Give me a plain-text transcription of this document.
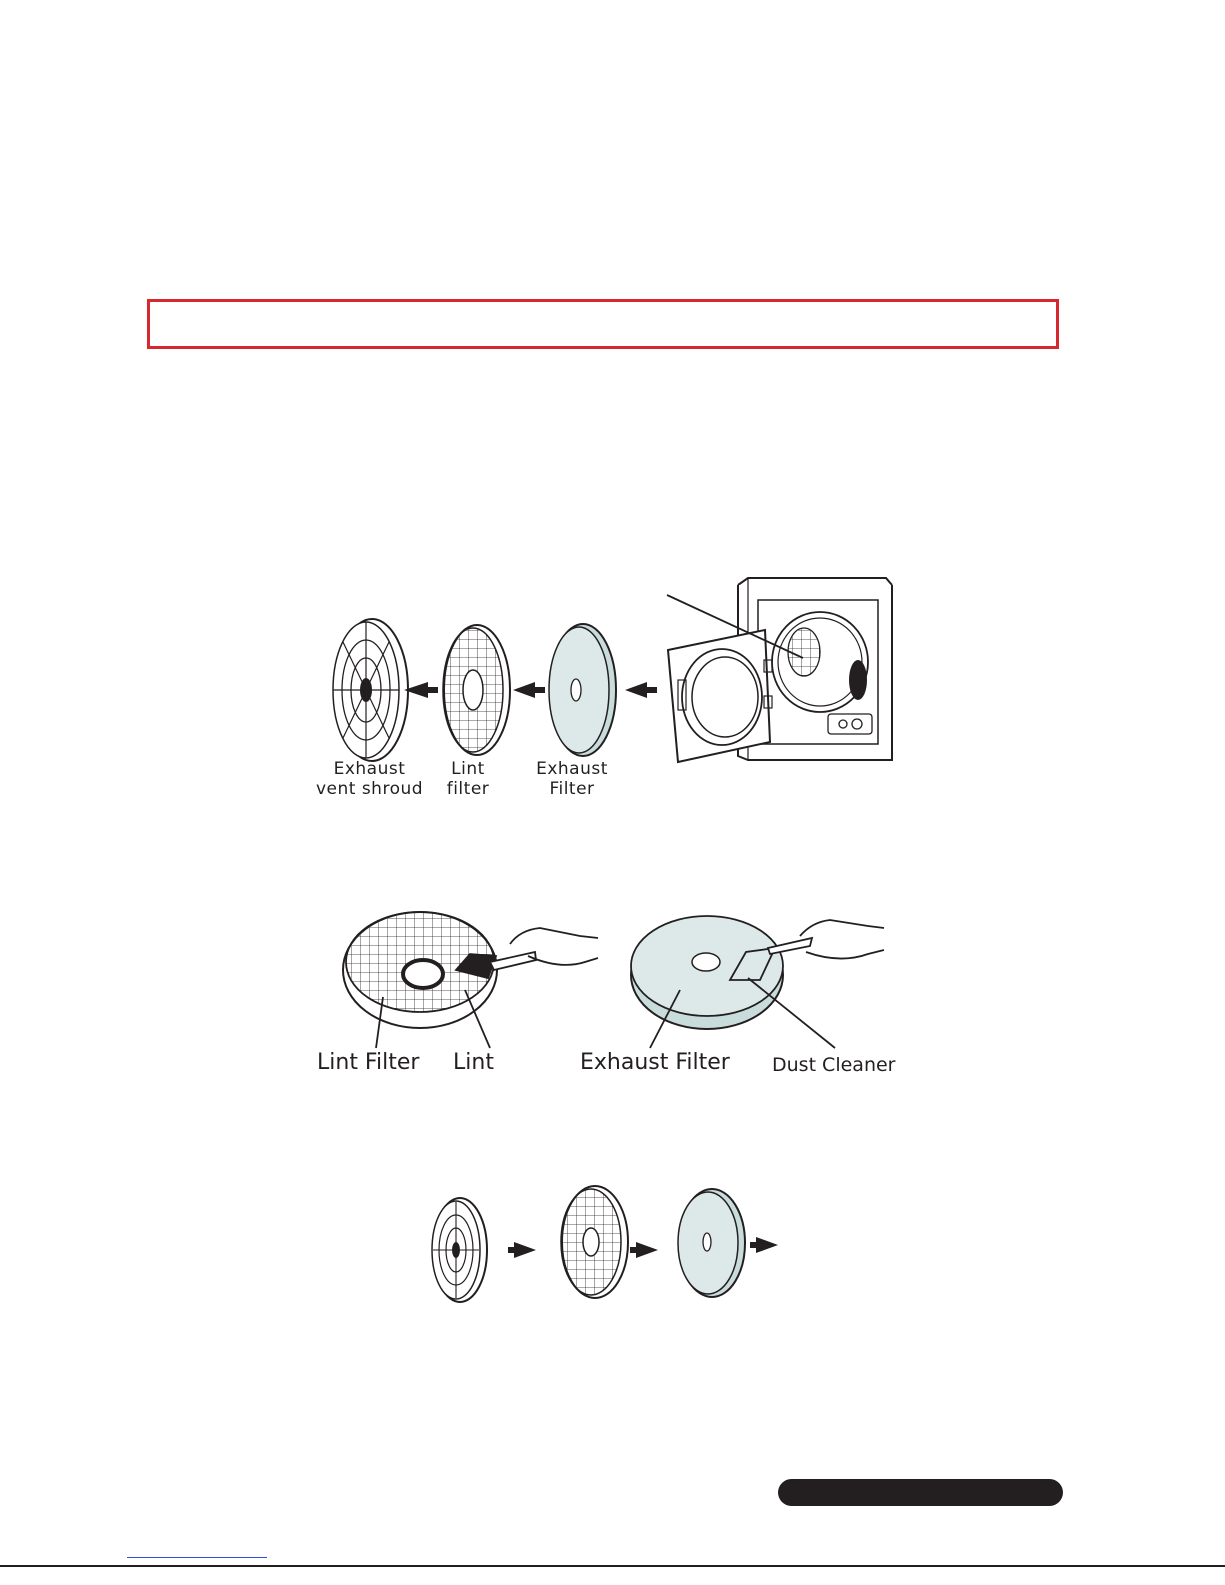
Exhaust
vent shroud
Lint
filter
Exhaust
Filter
Lint Filter Lint	Exhaust Filter Dust Cleaner
